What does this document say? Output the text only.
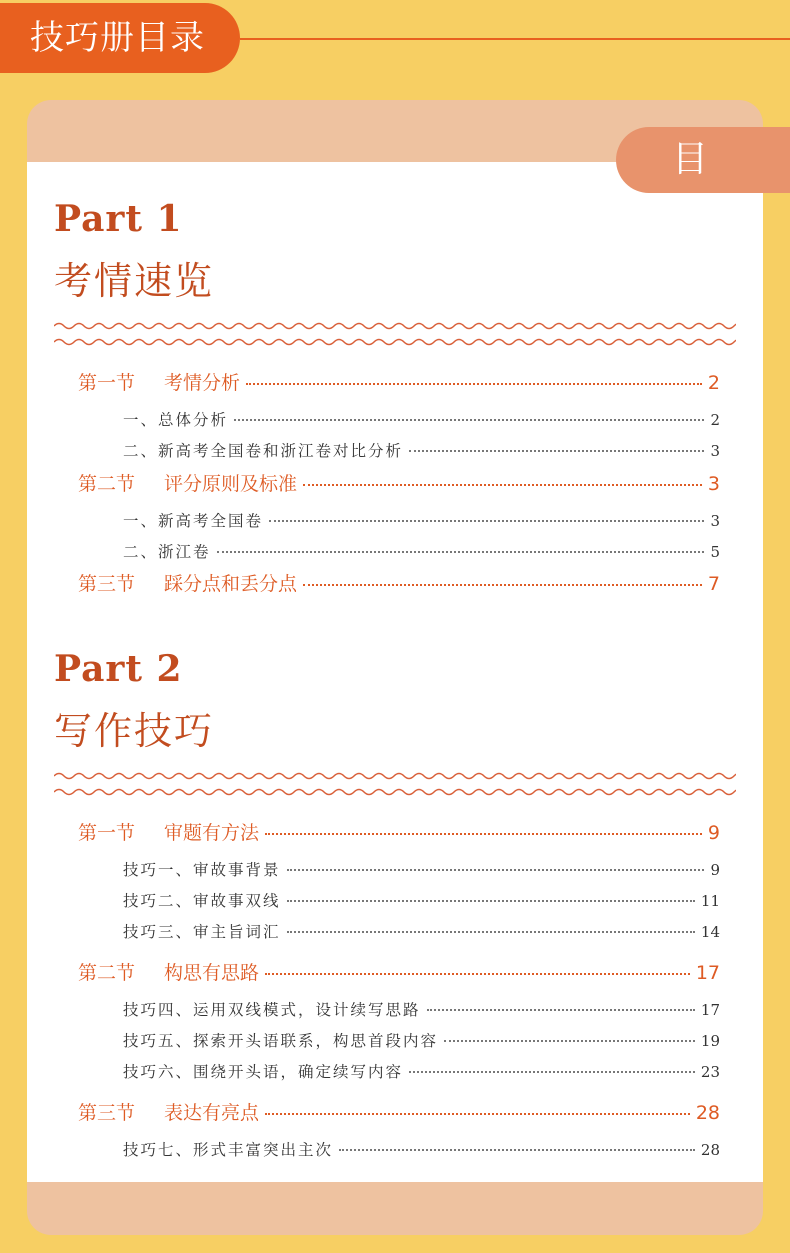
技巧册目录
目录
Part 1
考情速览
第一节	考情分析	2
一、总体分析	2
二、新高考全国卷和浙江卷对比分析	3
第二节	评分原则及标准	3
一、新高考全国卷	3
二、浙江卷	5
第三节	踩分点和丢分点	7
Part 2
写作技巧
第一节	审题有方法	9
技巧一、审故事背景	9
技巧二、审故事双线	11
技巧三、审主旨词汇	14
第二节	构思有思路	17
技巧四、运用双线模式，设计续写思路	17
技巧五、探索开头语联系，构思首段内容	19
技巧六、围绕开头语，确定续写内容	23
第三节	表达有亮点	28
技巧七、形式丰富突出主次	28
